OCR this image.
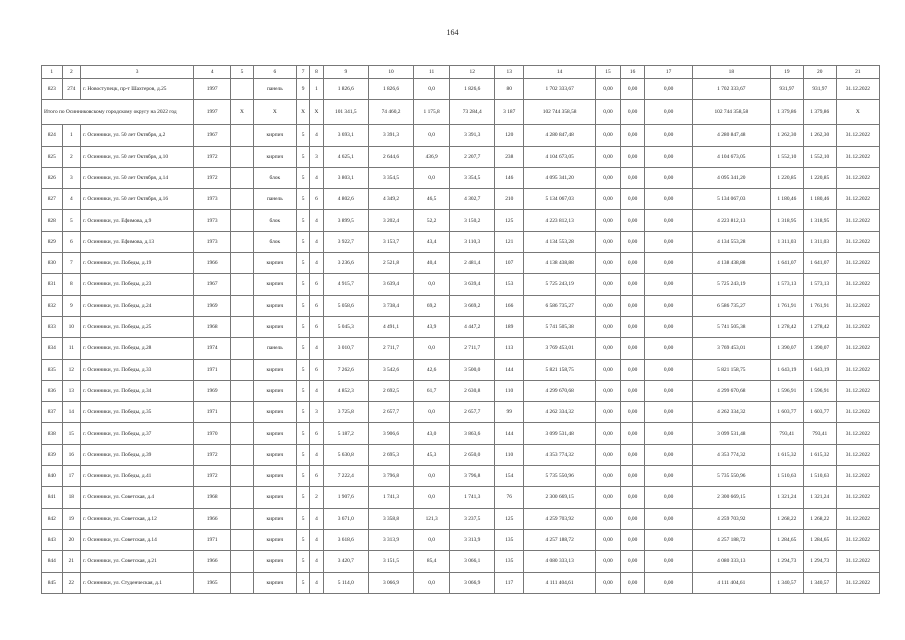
164
1	2	3	4	5	6	7	8	9	10	11	12	13	14	15	16	17	18	19	20	21
823	274	г. Новоступецк, пр-т Шахтеров, д.25	1997		панель	9	1	1 826,6	1 826,6	0,0	1 826,6	80	1 702 333,67	0,00	0,00	0,00	1 702 333,67	931,97	931,97	31.12.2022
Итого по Осинниковскому городскому округу на 2022 год			1997	X	X	X	X	101 341,5	74 460,2	1 175,8	73 284,4	3 187	102 744 358,58	0,00	0,00	0,00	102 744 358,58	1 379,86	1 379,86	X
824	1	г. Осинники, ул. 50 лет Октября, д.2	1967		кирпич	5	4	3 693,1	3 391,3	0,0	3 391,3	120	4 280 847,48	0,00	0,00	0,00	4 280 847,48	1 262,30	1 262,30	31.12.2022
825	2	г. Осинники, ул. 50 лет Октября, д.10	1972		кирпич	5	3	4 625,1	2 644,6	436,9	2 207,7	238	4 104 673,05	0,00	0,00	0,00	4 104 673,05	1 552,10	1 552,10	31.12.2022
826	3	г. Осинники, ул. 50 лет Октября, д.14	1972		блок	5	4	3 803,1	3 354,5	0,0	3 354,5	146	4 095 341,20	0,00	0,00	0,00	4 095 341,20	1 220,85	1 220,85	31.12.2022
827	4	г. Осинники, ул. 50 лет Октября, д.16	1973		панель	5	6	4 802,6	4 349,2	46,5	4 302,7	210	5 134 067,03	0,00	0,00	0,00	5 134 067,03	1 180,46	1 180,46	31.12.2022
828	5	г. Осинники, ул. Ефимова, д.9	1973		блок	5	4	3 899,5	3 202,4	52,2	3 150,2	125	4 223 812,13	0,00	0,00	0,00	4 223 812,13	1 318,95	1 318,95	31.12.2022
829	6	г. Осинники, ул. Ефимова, д.13	1973		блок	5	4	3 922,7	3 153,7	43,4	3 110,3	121	4 134 553,28	0,00	0,00	0,00	4 134 553,28	1 311,03	1 311,03	31.12.2022
830	7	г. Осинники, ул. Победы, д.19	1966		кирпич	5	4	3 236,6	2 521,8	40,4	2 481,4	107	4 138 438,88	0,00	0,00	0,00	4 138 438,88	1 641,07	1 641,07	31.12.2022
831	8	г. Осинники, ул. Победы, д.23	1967		кирпич	5	6	4 915,7	3 639,4	0,0	3 639,4	153	5 725 243,19	0,00	0,00	0,00	5 725 243,19	1 573,13	1 573,13	31.12.2022
832	9	г. Осинники, ул. Победы, д.24	1969		кирпич	5	6	5 058,6	3 738,4	69,2	3 669,2	166	6 586 735,27	0,00	0,00	0,00	6 586 735,27	1 761,91	1 761,91	31.12.2022
833	10	г. Осинники, ул. Победы, д.25	1968		кирпич	5	6	5 045,3	4 491,1	43,9	4 447,2	189	5 741 505,38	0,00	0,00	0,00	5 741 505,38	1 278,42	1 278,42	31.12.2022
834	11	г. Осинники, ул. Победы, д.28	1974		панель	5	4	3 010,7	2 711,7	0,0	2 711,7	113	3 769 453,01	0,00	0,00	0,00	3 769 453,01	1 390,07	1 390,07	31.12.2022
835	12	г. Осинники, ул. Победы, д.33	1971		кирпич	5	6	7 262,6	3 542,6	42,6	3 500,0	144	5 821 158,75	0,00	0,00	0,00	5 821 158,75	1 643,19	1 643,19	31.12.2022
836	13	г. Осинники, ул. Победы, д.34	1969		кирпич	5	4	4 852,3	2 692,5	61,7	2 630,8	110	4 299 670,68	0,00	0,00	0,00	4 299 670,68	1 596,91	1 596,91	31.12.2022
837	14	г. Осинники, ул. Победы, д.35	1971		кирпич	5	3	3 725,8	2 657,7	0,0	2 657,7	99	4 262 334,32	0,00	0,00	0,00	4 262 334,32	1 603,77	1 603,77	31.12.2022
838	15	г. Осинники, ул. Победы, д.37	1970		кирпич	5	6	5 187,2	3 906,6	43,0	3 863,6	144	3 099 531,48	0,00	0,00	0,00	3 099 531,48	793,41	793,41	31.12.2022
839	16	г. Осинники, ул. Победы, д.39	1972		кирпич	5	4	5 630,8	2 695,3	45,3	2 650,0	110	4 353 774,32	0,00	0,00	0,00	4 353 774,32	1 615,32	1 615,32	31.12.2022
840	17	г. Осинники, ул. Победы, д.41	1972		кирпич	5	6	7 222,4	3 796,8	0,0	3 796,8	154	5 735 550,96	0,00	0,00	0,00	5 735 550,96	1 510,63	1 510,63	31.12.2022
841	18	г. Осинники, ул. Советская, д.4	1968		кирпич	5	2	1 907,6	1 741,3	0,0	1 741,3	76	2 300 669,15	0,00	0,00	0,00	2 300 669,15	1 321,24	1 321,24	31.12.2022
842	19	г. Осинники, ул. Советская, д.12	1966		кирпич	5	4	3 671,0	3 358,8	121,3	3 237,5	125	4 259 703,92	0,00	0,00	0,00	4 259 703,92	1 268,22	1 268,22	31.12.2022
843	20	г. Осинники, ул. Советская, д.14	1971		кирпич	5	4	3 618,6	3 313,9	0,0	3 313,9	135	4 257 188,72	0,00	0,00	0,00	4 257 188,72	1 284,65	1 284,65	31.12.2022
844	21	г. Осинники, ул. Советская, д.21	1966		кирпич	5	4	3 420,7	3 151,5	85,4	3 066,1	135	4 080 333,13	0,00	0,00	0,00	4 080 333,13	1 294,73	1 294,73	31.12.2022
845	22	г. Осинники, ул. Студенческая, д.1	1965		кирпич	5	4	5 114,0	3 066,9	0,0	3 066,9	117	4 111 404,61	0,00	0,00	0,00	4 111 404,61	1 340,57	1 340,57	31.12.2022
